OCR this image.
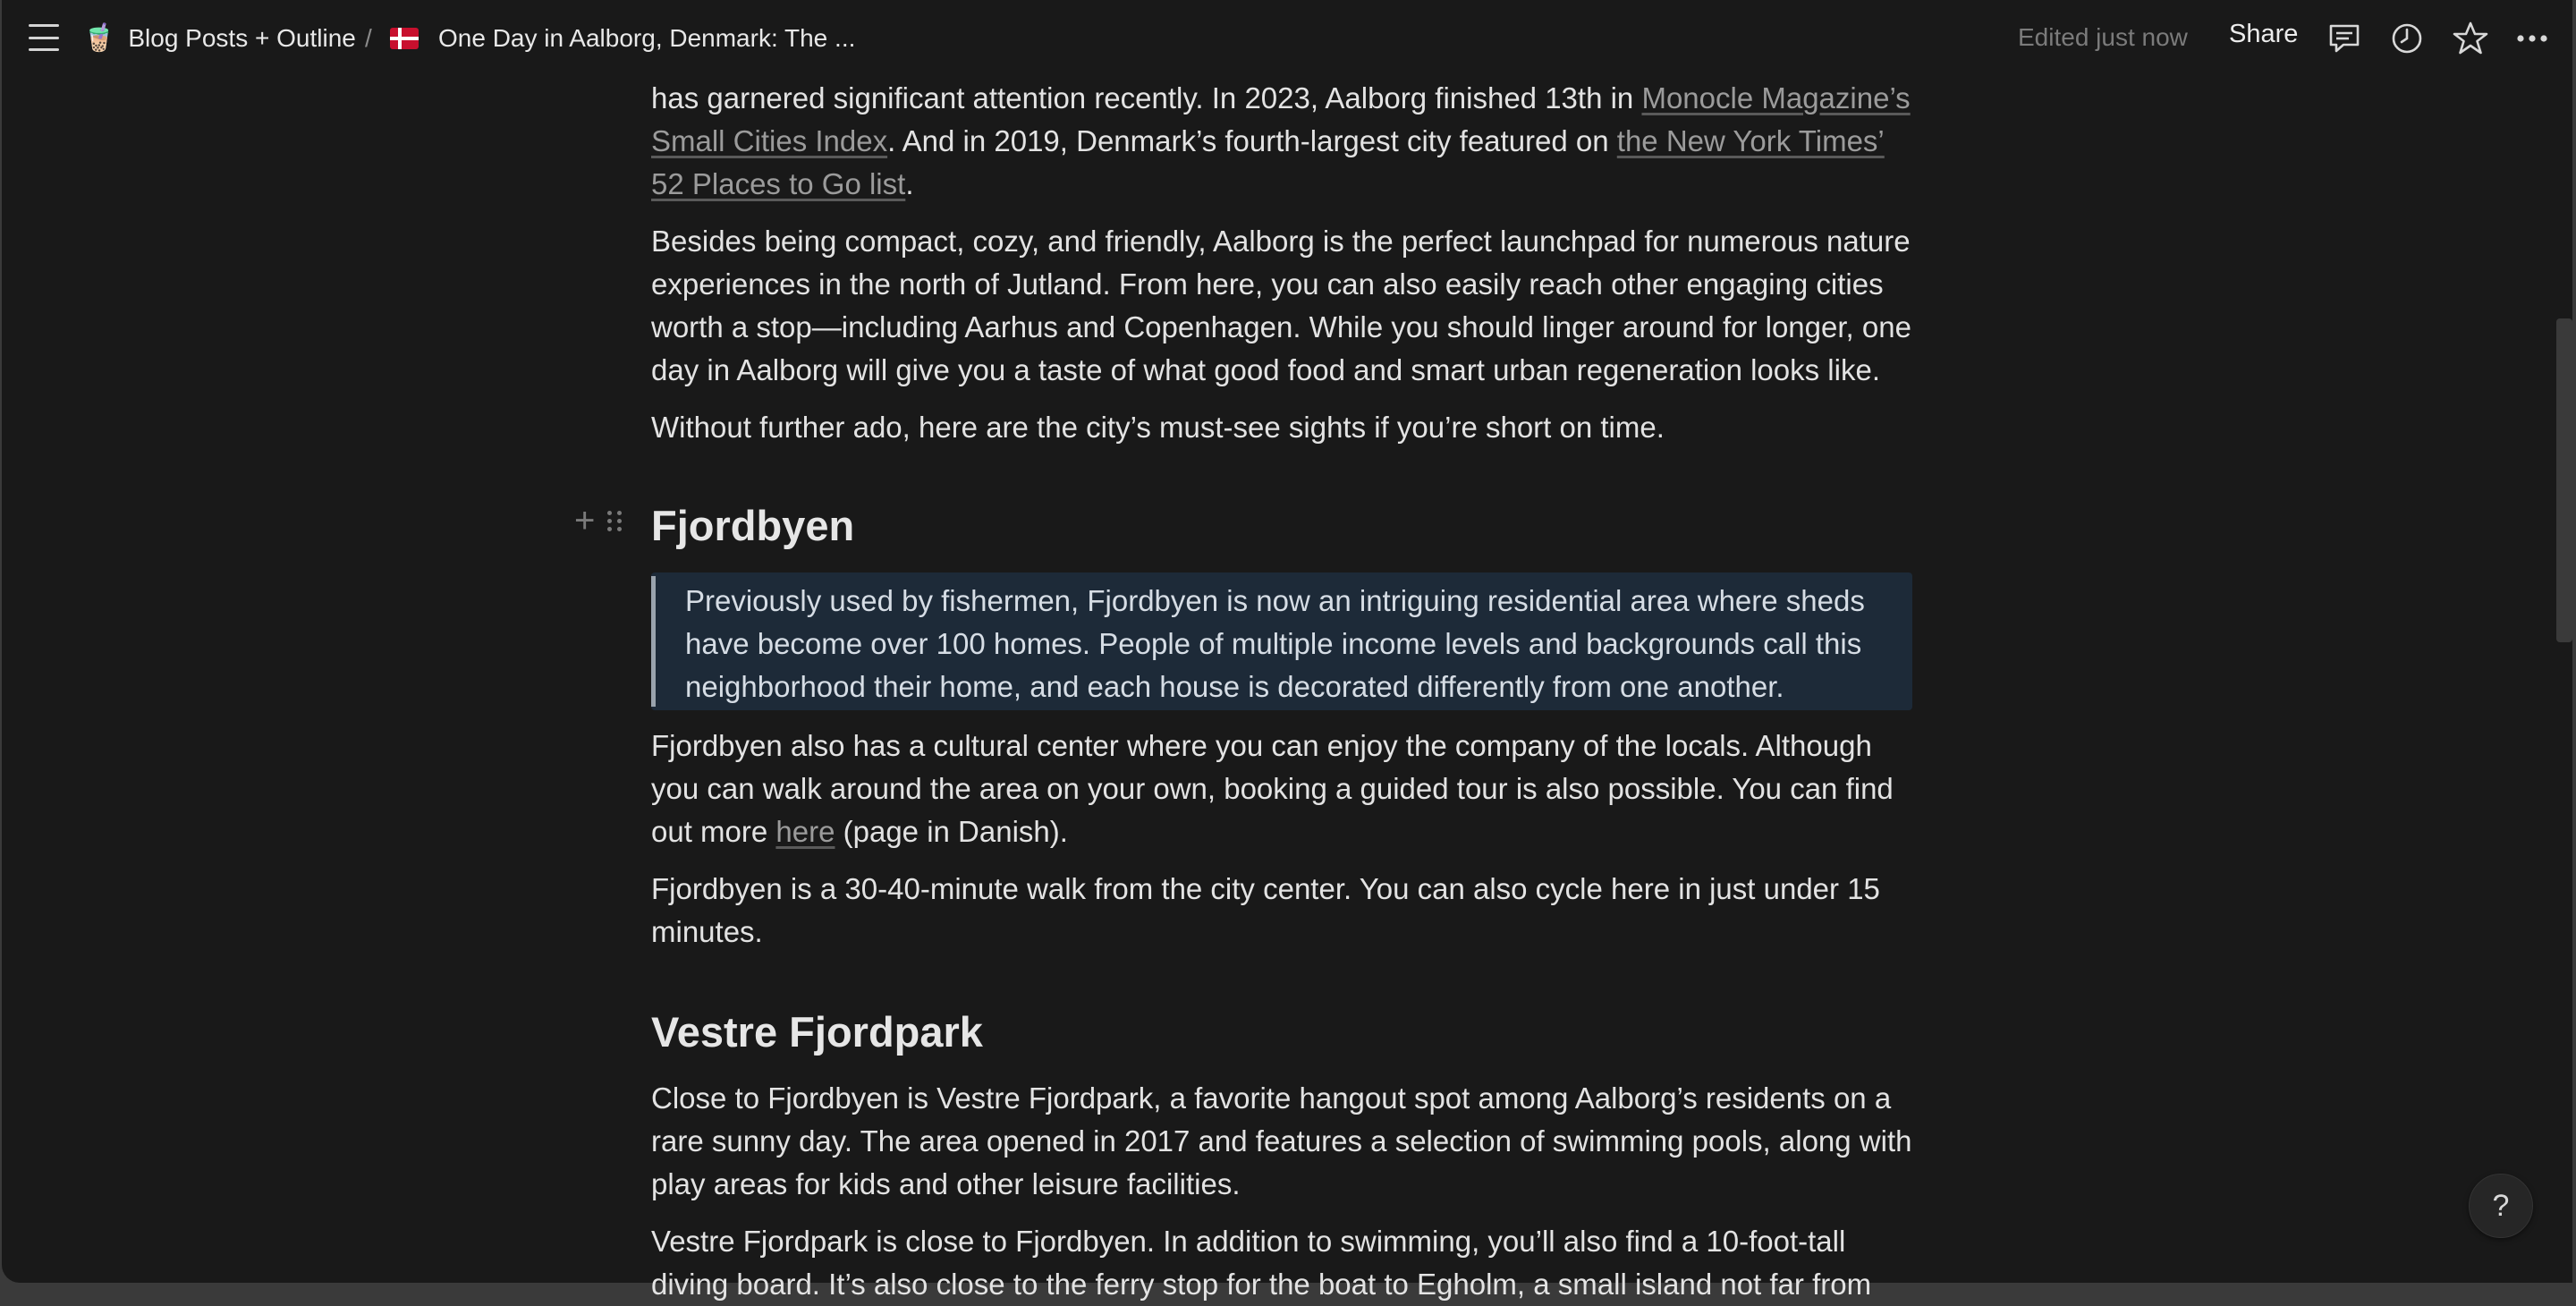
🧋 Blog Posts + Outline /	One Day in Aalborg, Denmark: The ...	Edited just now Share
+

has garnered significant attention recently. In 2023, Aalborg finished 13th in Monocle Magazine’s Small Cities Index. And in 2019, Denmark’s fourth-largest city featured on the New York Times’ 52 Places to Go list.

Besides being compact, cozy, and friendly, Aalborg is the perfect launchpad for numerous nature experiences in the north of Jutland. From here, you can also easily reach other engaging cities worth a stop—including Aarhus and Copenhagen. While you should linger around for longer, one day in Aalborg will give you a taste of what good food and smart urban regeneration looks like.

Without further ado, here are the city’s must-see sights if you’re short on time.

Fjordbyen

Previously used by fishermen, Fjordbyen is now an intriguing residential area where sheds have become over 100 homes. People of multiple income levels and backgrounds call this neighborhood their home, and each house is decorated differently from one another.

Fjordbyen also has a cultural center where you can enjoy the company of the locals. Although you can walk around the area on your own, booking a guided tour is also possible. You can find out more here (page in Danish).

Fjordbyen is a 30-40-minute walk from the city center. You can also cycle here in just under 15 minutes.

Vestre Fjordpark

Close to Fjordbyen is Vestre Fjordpark, a favorite hangout spot among Aalborg’s residents on a rare sunny day. The area opened in 2017 and features a selection of swimming pools, along with play areas for kids and other leisure facilities.

Vestre Fjordpark is close to Fjordbyen. In addition to swimming, you’ll also find a 10-foot-tall diving board. It’s also close to the ferry stop for the boat to Egholm, a small island not far from

?
